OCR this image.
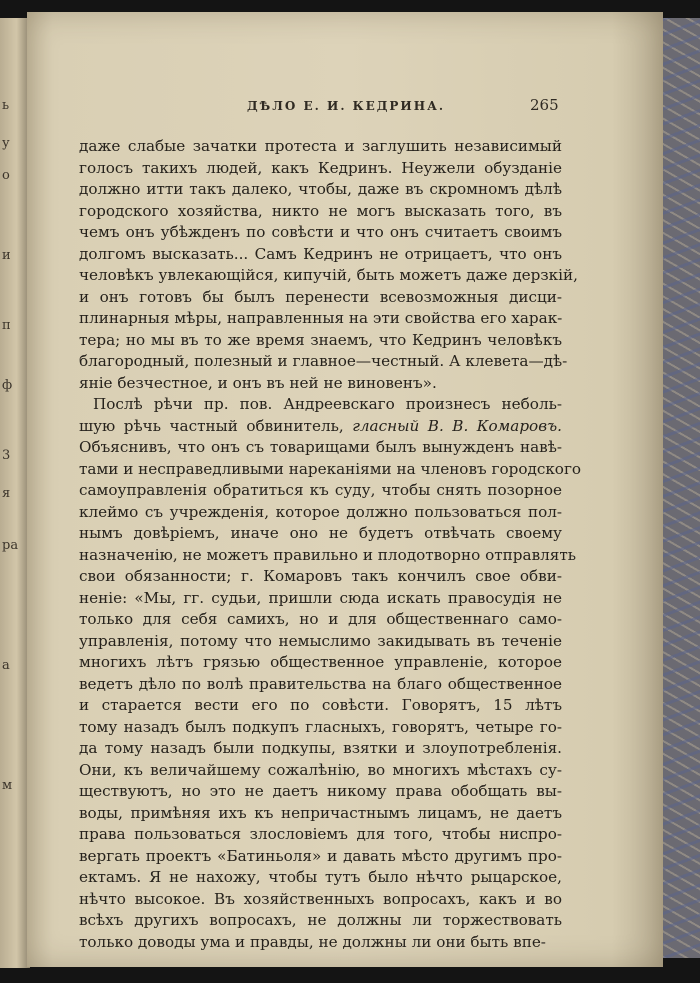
ь
у
о
и
п
ф
3
я
ра
а
м
ДѢЛО Е. И. КЕДРИНА.	265
даже слабые зачатки протеста и заглушить независимый
голосъ такихъ людей, какъ Кедринъ. Неужели обузданіе
должно итти такъ далеко, чтобы, даже въ скромномъ дѣлѣ
городского хозяйства, никто не могъ высказать того, въ
чемъ онъ убѣжденъ по совѣсти и что онъ считаетъ своимъ
долгомъ высказать... Самъ Кедринъ не отрицаетъ, что онъ
человѣкъ увлекающійся, кипучій, быть можетъ даже дерзкій,
и онъ готовъ бы былъ перенести всевозможныя дисци-
плинарныя мѣры, направленныя на эти свойства его харак-
тера; но мы въ то же время знаемъ, что Кедринъ человѣкъ
благородный, полезный и главное—честный. А клевета—дѣ-
яніе безчестное, и онъ въ ней не виновенъ».
Послѣ рѣчи пр. пов. Андреевскаго произнесъ неболь-
шую рѣчь частный обвинитель, гласный В. В. Комаровъ.
Объяснивъ, что онъ съ товарищами былъ вынужденъ навѣ-
тами и несправедливыми нареканіями на членовъ городского
самоуправленія обратиться къ суду, чтобы снять позорное
клеймо съ учрежденія, которое должно пользоваться пол-
нымъ довѣріемъ, иначе оно не будетъ отвѣчать своему
назначенію, не можетъ правильно и плодотворно отправлять
свои обязанности; г. Комаровъ такъ кончилъ свое обви-
неніе: «Мы, гг. судьи, пришли сюда искать правосудія не
только для себя самихъ, но и для общественнаго само-
управленія, потому что немыслимо закидывать въ теченіе
многихъ лѣтъ грязью общественное управленіе, которое
ведетъ дѣло по волѣ правительства на благо общественное
и старается вести его по совѣсти. Говорятъ, 15 лѣтъ
тому назадъ былъ подкупъ гласныхъ, говорятъ, четыре го-
да тому назадъ были подкупы, взятки и злоупотребленія.
Они, къ величайшему сожалѣнію, во многихъ мѣстахъ су-
ществуютъ, но это не даетъ никому права обобщать вы-
воды, примѣняя ихъ къ непричастнымъ лицамъ, не даетъ
права пользоваться злословіемъ для того, чтобы ниспро-
вергать проектъ «Батиньоля» и давать мѣсто другимъ про-
ектамъ. Я не нахожу, чтобы тутъ было нѣчто рыцарское,
нѣчто высокое. Въ хозяйственныхъ вопросахъ, какъ и во
всѣхъ другихъ вопросахъ, не должны ли торжествовать
только доводы ума и правды, не должны ли они быть впе-
